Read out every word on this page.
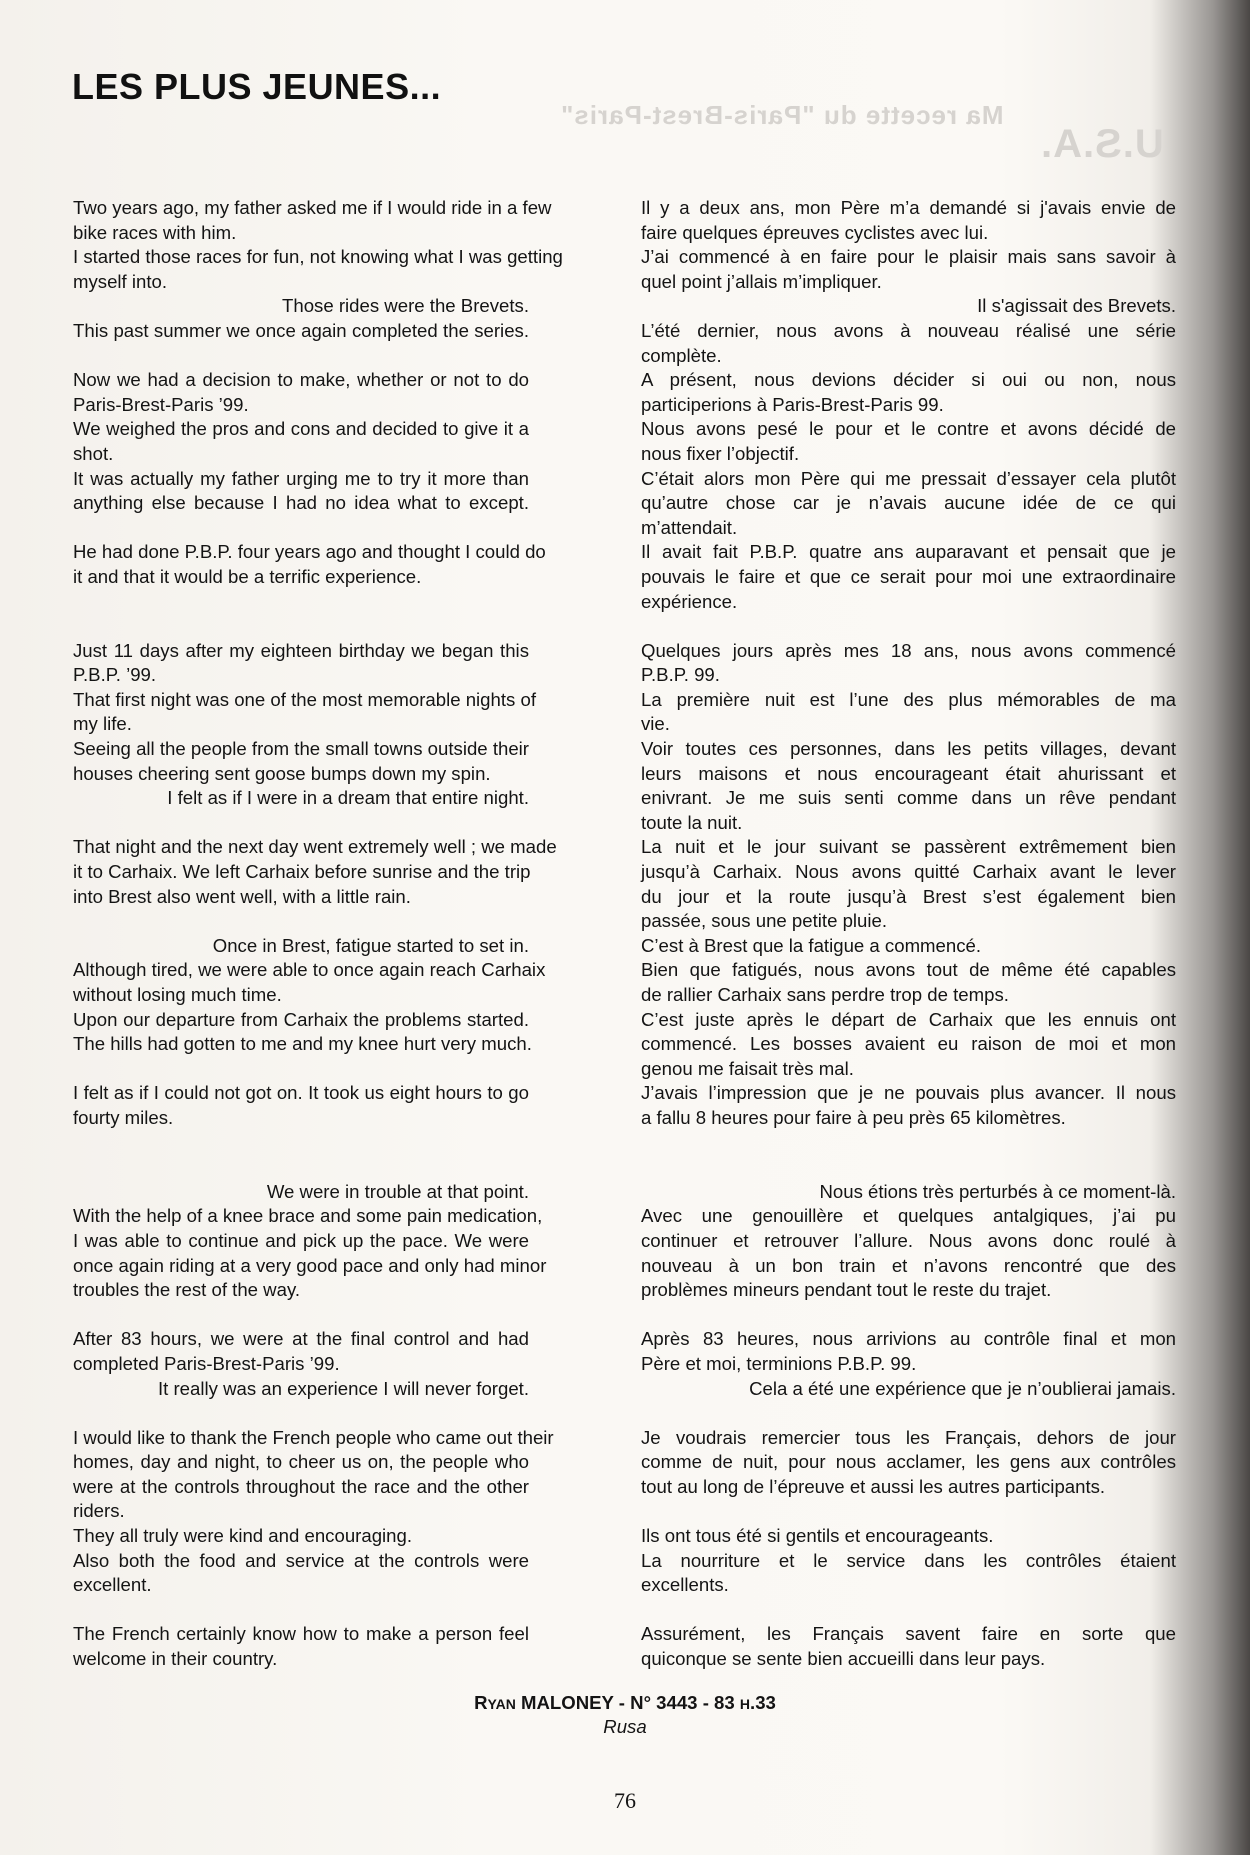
Ma recette du "Paris-Brest-Paris"
U.S.A.
LES PLUS JEUNES...
Two years ago, my father asked me if I would ride in a few
bike races with him.
I started those races for fun, not knowing what I was getting
myself into.
Those rides were the Brevets.
This past summer we once again completed the series.
Now we had a decision to make, whether or not to do
Paris-Brest-Paris ’99.
We weighed the pros and cons and decided to give it a
shot.
It was actually my father urging me to try it more than
anything else because I had no idea what to except.
He had done P.B.P. four years ago and thought I could do
it and that it would be a terrific experience.
Just 11 days after my eighteen birthday we began this
P.B.P. ’99.
That first night was one of the most memorable nights of
my life.
Seeing all the people from the small towns outside their
houses cheering sent goose bumps down my spin.
I felt as if I were in a dream that entire night.
That night and the next day went extremely well ; we made
it to Carhaix. We left Carhaix before sunrise and the trip
into Brest also went well, with a little rain.
Once in Brest, fatigue started to set in.
Although tired, we were able to once again reach Carhaix
without losing much time.
Upon our departure from Carhaix the problems started.
The hills had gotten to me and my knee hurt very much.
I felt as if I could not got on. It took us eight hours to go
fourty miles.
We were in trouble at that point.
With the help of a knee brace and some pain medication,
I was able to continue and pick up the pace. We were
once again riding at a very good pace and only had minor
troubles the rest of the way.
After 83 hours, we were at the final control and had
completed Paris-Brest-Paris ’99.
It really was an experience I will never forget.
I would like to thank the French people who came out their
homes, day and night, to cheer us on, the people who
were at the controls throughout the race and the other
riders.
They all truly were kind and encouraging.
Also both the food and service at the controls were
excellent.
The French certainly know how to make a person feel
welcome in their country.
Il y a deux ans, mon Père m’a demandé si j'avais envie de
faire quelques épreuves cyclistes avec lui.
J’ai commencé à en faire pour le plaisir mais sans savoir à
quel point j’allais m’impliquer.
Il s'agissait des Brevets.
L’été dernier, nous avons à nouveau réalisé une série
complète.
A présent, nous devions décider si oui ou non, nous
participerions à Paris-Brest-Paris 99.
Nous avons pesé le pour et le contre et avons décidé de
nous fixer l’objectif.
C’était alors mon Père qui me pressait d’essayer cela plutôt
qu’autre chose car je n’avais aucune idée de ce qui
m’attendait.
Il avait fait P.B.P. quatre ans auparavant et pensait que je
pouvais le faire et que ce serait pour moi une extraordinaire
expérience.
Quelques jours après mes 18 ans, nous avons commencé
P.B.P. 99.
La première nuit est l’une des plus mémorables de ma
vie.
Voir toutes ces personnes, dans les petits villages, devant
leurs maisons et nous encourageant était ahurissant et
enivrant. Je me suis senti comme dans un rêve pendant
toute la nuit.
La nuit et le jour suivant se passèrent extrêmement bien
jusqu’à Carhaix. Nous avons quitté Carhaix avant le lever
du jour et la route jusqu’à Brest s’est également bien
passée, sous une petite pluie.
C’est à Brest que la fatigue a commencé.
Bien que fatigués, nous avons tout de même été capables
de rallier Carhaix sans perdre trop de temps.
C’est juste après le départ de Carhaix que les ennuis ont
commencé. Les bosses avaient eu raison de moi et mon
genou me faisait très mal.
J’avais l’impression que je ne pouvais plus avancer. Il nous
a fallu 8 heures pour faire à peu près 65 kilomètres.
Nous étions très perturbés à ce moment-là.
Avec une genouillère et quelques antalgiques, j’ai pu
continuer et retrouver l’allure. Nous avons donc roulé à
nouveau à un bon train et n’avons rencontré que des
problèmes mineurs pendant tout le reste du trajet.
Après 83 heures, nous arrivions au contrôle final et mon
Père et moi, terminions P.B.P. 99.
Cela a été une expérience que je n’oublierai jamais.
Je voudrais remercier tous les Français, dehors de jour
comme de nuit, pour nous acclamer, les gens aux contrôles
tout au long de l’épreuve et aussi les autres participants.
Ils ont tous été si gentils et encourageants.
La nourriture et le service dans les contrôles étaient
excellents.
Assurément, les Français savent faire en sorte que
quiconque se sente bien accueilli dans leur pays.
RYAN MALONEY - N° 3443 - 83 H.33
Rusa
76
